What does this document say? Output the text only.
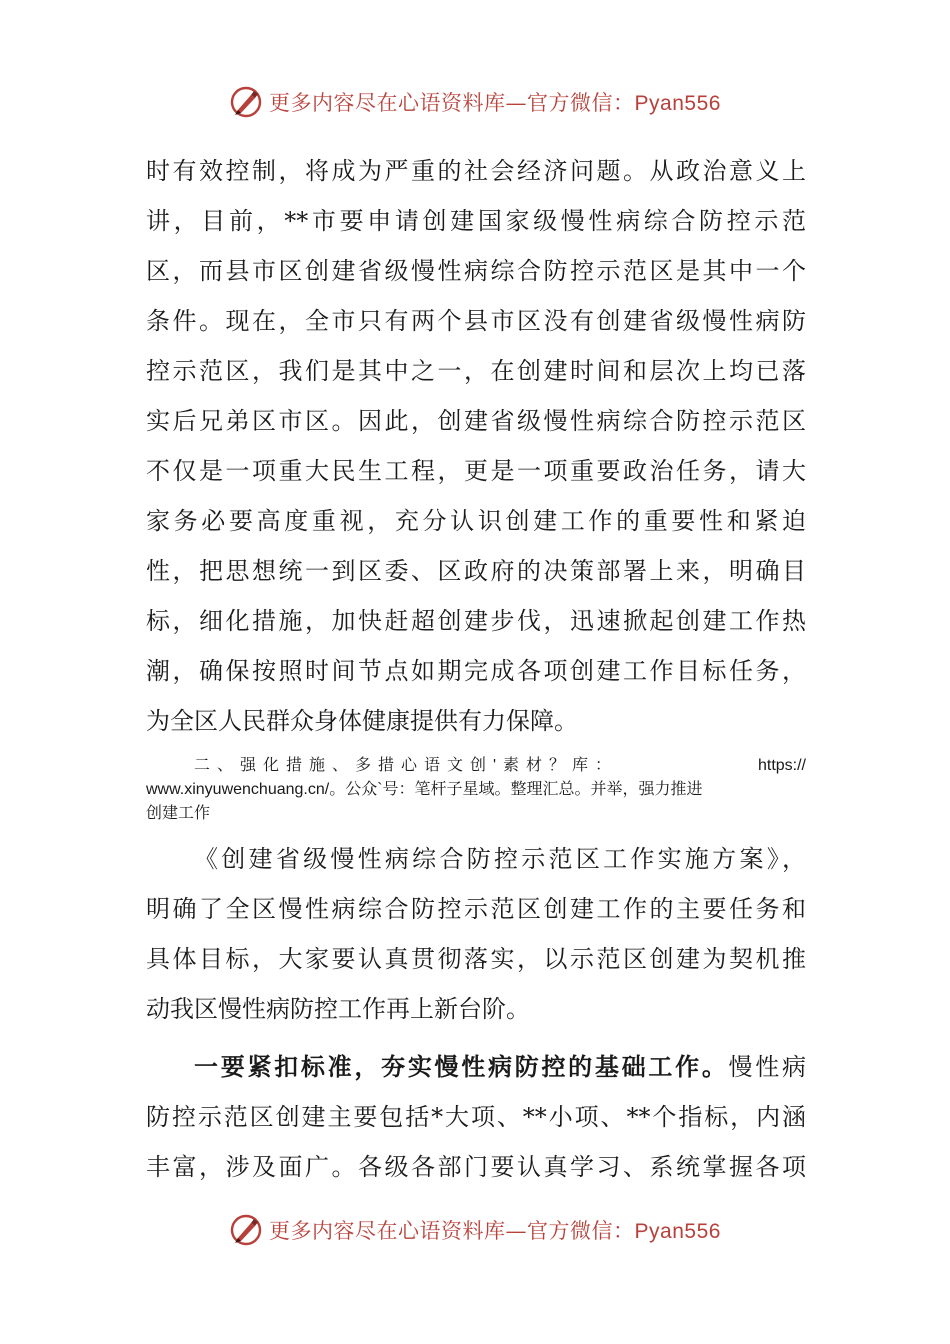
更多内容尽在心语资料库—官方微信：Pyan556

时有效控制，将成为严重的社会经济问题。从政治意义上

讲，目前，**市要申请创建国家级慢性病综合防控示范

区，而县市区创建省级慢性病综合防控示范区是其中一个

条件。现在，全市只有两个县市区没有创建省级慢性病防

控示范区，我们是其中之一，在创建时间和层次上均已落

实后兄弟区市区。因此，创建省级慢性病综合防控示范区

不仅是一项重大民生工程，更是一项重要政治任务，请大

家务必要高度重视，充分认识创建工作的重要性和紧迫

性，把思想统一到区委、区政府的决策部署上来，明确目

标，细化措施，加快赶超创建步伐，迅速掀起创建工作热

潮，确保按照时间节点如期完成各项创建工作目标任务，

为全区人民群众身体健康提供有力保障。

二、强化措施、多措心语文创'素材？库：	https://
www.xinyuwenchuang.cn/。公众`号：笔杆子星域。整理汇总。并举，强力推进
创建工作

《创建省级慢性病综合防控示范区工作实施方案》，

明确了全区慢性病综合防控示范区创建工作的主要任务和

具体目标，大家要认真贯彻落实，以示范区创建为契机推

动我区慢性病防控工作再上新台阶。

一要紧扣标准，夯实慢性病防控的基础工作。慢性病

防控示范区创建主要包括*大项、**小项、**个指标，内涵

丰富，涉及面广。各级各部门要认真学习、系统掌握各项

更多内容尽在心语资料库—官方微信：Pyan556
